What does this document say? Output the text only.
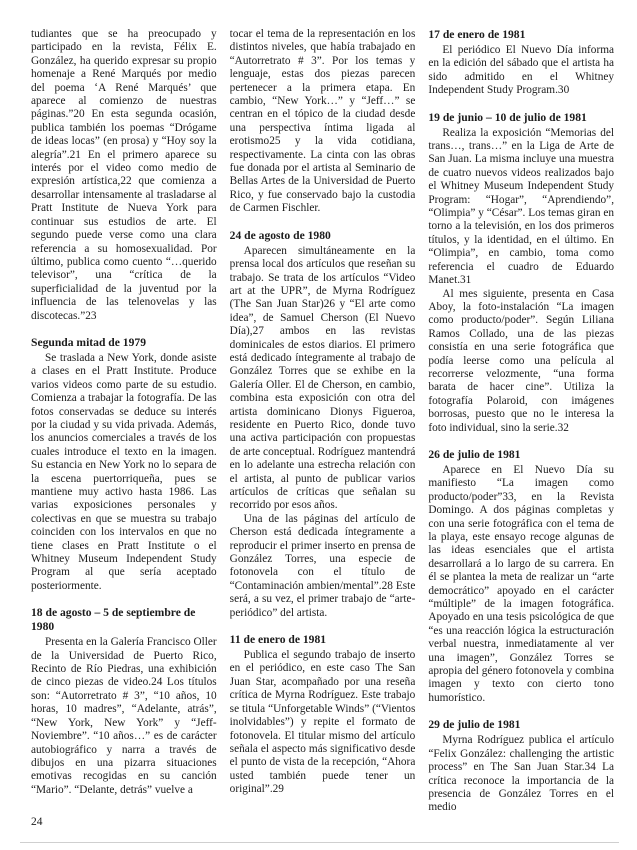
tudiantes que se ha preocupado y participado en la revista, Félix E. González, ha querido expresar su propio homenaje a René Marqués por medio del poema ‘A René Marqués’ que aparece al comienzo de nuestras páginas.”20 En esta segunda ocasión, publica también los poemas “Drógame de ideas locas” (en prosa) y “Hoy soy la alegría”.21 En el primero aparece su interés por el video como medio de expresión artística,22 que comienza a desarrollar intensamente al trasladarse al Pratt Institute de Nueva York para continuar sus estudios de arte. El segundo puede verse como una clara referencia a su homosexualidad. Por último, publica como cuento “…querido televisor”, una “crítica de la superficialidad de la juventud por la influencia de las telenovelas y las discotecas.”23

Segunda mitad de 1979

Se traslada a New York, donde asiste a clases en el Pratt Institute. Produce varios videos como parte de su estudio. Comienza a trabajar la fotografía. De las fotos conservadas se deduce su interés por la ciudad y su vida privada. Además, los anuncios comerciales a través de los cuales introduce el texto en la imagen. Su estancia en New York no lo separa de la escena puertorriqueña, pues se mantiene muy activo hasta 1986. Las varias exposiciones personales y colectivas en que se muestra su trabajo coinciden con los intervalos en que no tiene clases en Pratt Institute o el Whitney Museum Independent Study Program al que sería aceptado posteriormente.

18 de agosto – 5 de septiembre de 1980

Presenta en la Galería Francisco Oller de la Universidad de Puerto Rico, Recinto de Río Piedras, una exhibición de cinco piezas de video.24 Los títulos son: “Autorretrato # 3”, “10 años, 10 horas, 10 madres”, “Adelante, atrás”, “New York, New York” y “Jeff-Noviembre”. “10 años…” es de carácter autobiográfico y narra a través de dibujos en una pizarra situaciones emotivas recogidas en su canción “Mario”. “Delante, detrás” vuelve a

tocar el tema de la representación en los distintos niveles, que había trabajado en “Autorretrato # 3”. Por los temas y lenguaje, estas dos piezas parecen pertenecer a la primera etapa. En cambio, “New York…” y “Jeff…” se centran en el tópico de la ciudad desde una perspectiva íntima ligada al erotismo25 y la vida cotidiana, respectivamente. La cinta con las obras fue donada por el artista al Seminario de Bellas Artes de la Universidad de Puerto Rico, y fue conservado bajo la custodia de Carmen Fischler.

24 de agosto de 1980

Aparecen simultáneamente en la prensa local dos artículos que reseñan su trabajo. Se trata de los artículos “Video art at the UPR”, de Myrna Rodríguez (The San Juan Star)26 y “El arte como idea”, de Samuel Cherson (El Nuevo Día),27 ambos en las revistas dominicales de estos diarios. El primero está dedicado íntegramente al trabajo de González Torres que se exhibe en la Galería Oller. El de Cherson, en cambio, combina esta exposición con otra del artista dominicano Dionys Figueroa, residente en Puerto Rico, donde tuvo una activa participación con propuestas de arte conceptual. Rodríguez mantendrá en lo adelante una estrecha relación con el artista, al punto de publicar varios artículos de críticas que señalan su recorrido por esos años.

Una de las páginas del artículo de Cherson está dedicada íntegramente a reproducir el primer inserto en prensa de González Torres, una especie de fotonovela con el título de “Contaminación ambien/mental”.28 Este será, a su vez, el primer trabajo de “arte-periódico” del artista.

11 de enero de 1981

Publica el segundo trabajo de inserto en el periódico, en este caso The San Juan Star, acompañado por una reseña crítica de Myrna Rodríguez. Este trabajo se titula “Unforgetable Winds” (“Vientos inolvidables”) y repite el formato de fotonovela. El titular mismo del artículo señala el aspecto más significativo desde el punto de vista de la recepción, “Ahora usted también puede tener un original”.29

17 de enero de 1981

El periódico El Nuevo Día informa en la edición del sábado que el artista ha sido admitido en el Whitney Independent Study Program.30

19 de junio – 10 de julio de 1981

Realiza la exposición “Memorias del trans…, trans…” en la Liga de Arte de San Juan. La misma incluye una muestra de cuatro nuevos videos realizados bajo el Whitney Museum Independent Study Program: “Hogar”, “Aprendiendo”, “Olimpia” y “César”. Los temas giran en torno a la televisión, en los dos primeros títulos, y la identidad, en el último. En “Olimpia”, en cambio, toma como referencia el cuadro de Eduardo Manet.31

Al mes siguiente, presenta en Casa Aboy, la foto-instalación “La imagen como producto/poder”. Según Liliana Ramos Collado, una de las piezas consistía en una serie fotográfica que podía leerse como una película al recorrerse velozmente, “una forma barata de hacer cine”. Utiliza la fotografía Polaroid, con imágenes borrosas, puesto que no le interesa la foto individual, sino la serie.32

26 de julio de 1981

Aparece en El Nuevo Día su manifiesto “La imagen como producto/poder”33, en la Revista Domingo. A dos páginas completas y con una serie fotográfica con el tema de la playa, este ensayo recoge algunas de las ideas esenciales que el artista desarrollará a lo largo de su carrera. En él se plantea la meta de realizar un “arte democrático” apoyado en el carácter “múltiple” de la imagen fotográfica. Apoyado en una tesis psicológica de que “es una reacción lógica la estructuración verbal nuestra, inmediatamente al ver una imagen”, González Torres se apropia del género fotonovela y combina imagen y texto con cierto tono humorístico.

29 de julio de 1981

Myrna Rodríguez publica el artículo “Felix González: challenging the artistic process” en The San Juan Star.34 La crítica reconoce la importancia de la presencia de González Torres en el medio

24
